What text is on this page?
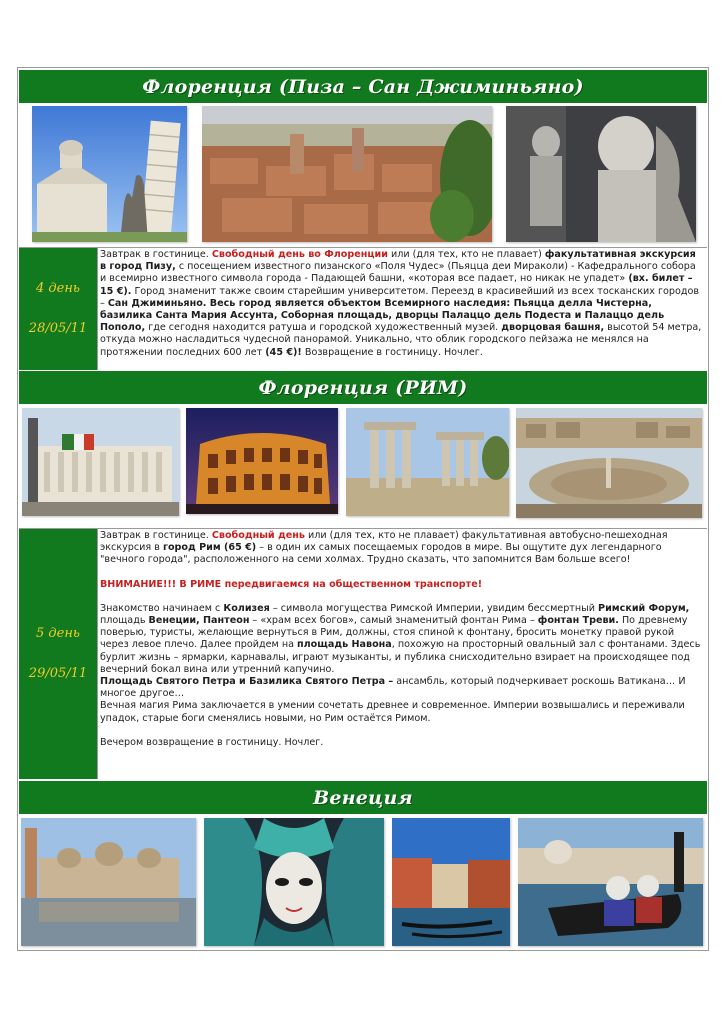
Флоренция (Пиза – Сан Джиминьяно)
4 день
28/05/11
Завтрак в гостинице. Свободный день во Флоренции или (для тех, кто не плавает) факультативная экскурсия в город Пизу, с посещением известного пизанского «Поля Чудес» (Пьяцца деи Мираколи) - Кафедрального собора и всемирно известного символа города - Падающей башни, «которая все падает, но никак не упадет» (вх. билет – 15 €). Город знаменит также своим старейшим университетом. Переезд в красивейший из всех тосканских городов – Сан Джиминьяно. Весь город является объектом Всемирного наследия: Пьяцца делла Чистерна, базилика Санта Мария Ассунта, Соборная площадь, дворцы Палаццо дель Подеста и Палаццо дель Пополо, где сегодня находится ратуша и городской художественный музей. дворцовая башня, высотой 54 метра, откуда можно насладиться чудесной панорамой. Уникально, что облик городского пейзажа не менялся на протяжении последних 600 лет (45 €)! Возвращение в гостиницу. Ночлег.
Флоренция (РИМ)
5 день
29/05/11
Завтрак в гостинице. Свободный день или (для тех, кто не плавает) факультативная автобусно-пешеходная экскурсия в город Рим (65 €) – в один их самых посещаемых городов в мире. Вы ощутите дух легендарного "вечного города", расположенного на семи холмах. Трудно сказать, что запомнится Вам больше всего!
ВНИМАНИЕ!!! В РИМЕ передвигаемся на общественном транспорте!
Знакомство начинаем с Колизея – символа могущества Римской Империи, увидим бессмертный Римский Форум, площадь Венеции, Пантеон – «храм всех богов», самый знаменитый фонтан Рима – фонтан Треви. По древнему поверью, туристы, желающие вернуться в Рим, должны, стоя спиной к фонтану, бросить монетку правой рукой через левое плечо. Далее пройдем на площадь Навона, похожую на просторный овальный зал с фонтанами. Здесь бурлит жизнь – ярмарки, карнавалы, играют музыканты, и публика снисходительно взирает на происходящее под вечерний бокал вина или утренний капучино.
Площадь Святого Петра и Базилика Святого Петра – ансамбль, который подчеркивает роскошь Ватикана… И многое другое…
Вечная магия Рима заключается в умении сочетать древнее и современное. Империи возвышались и переживали упадок, старые боги сменялись новыми, но Рим остаётся Римом.
Вечером возвращение в гостиницу. Ночлег.
Венеция
